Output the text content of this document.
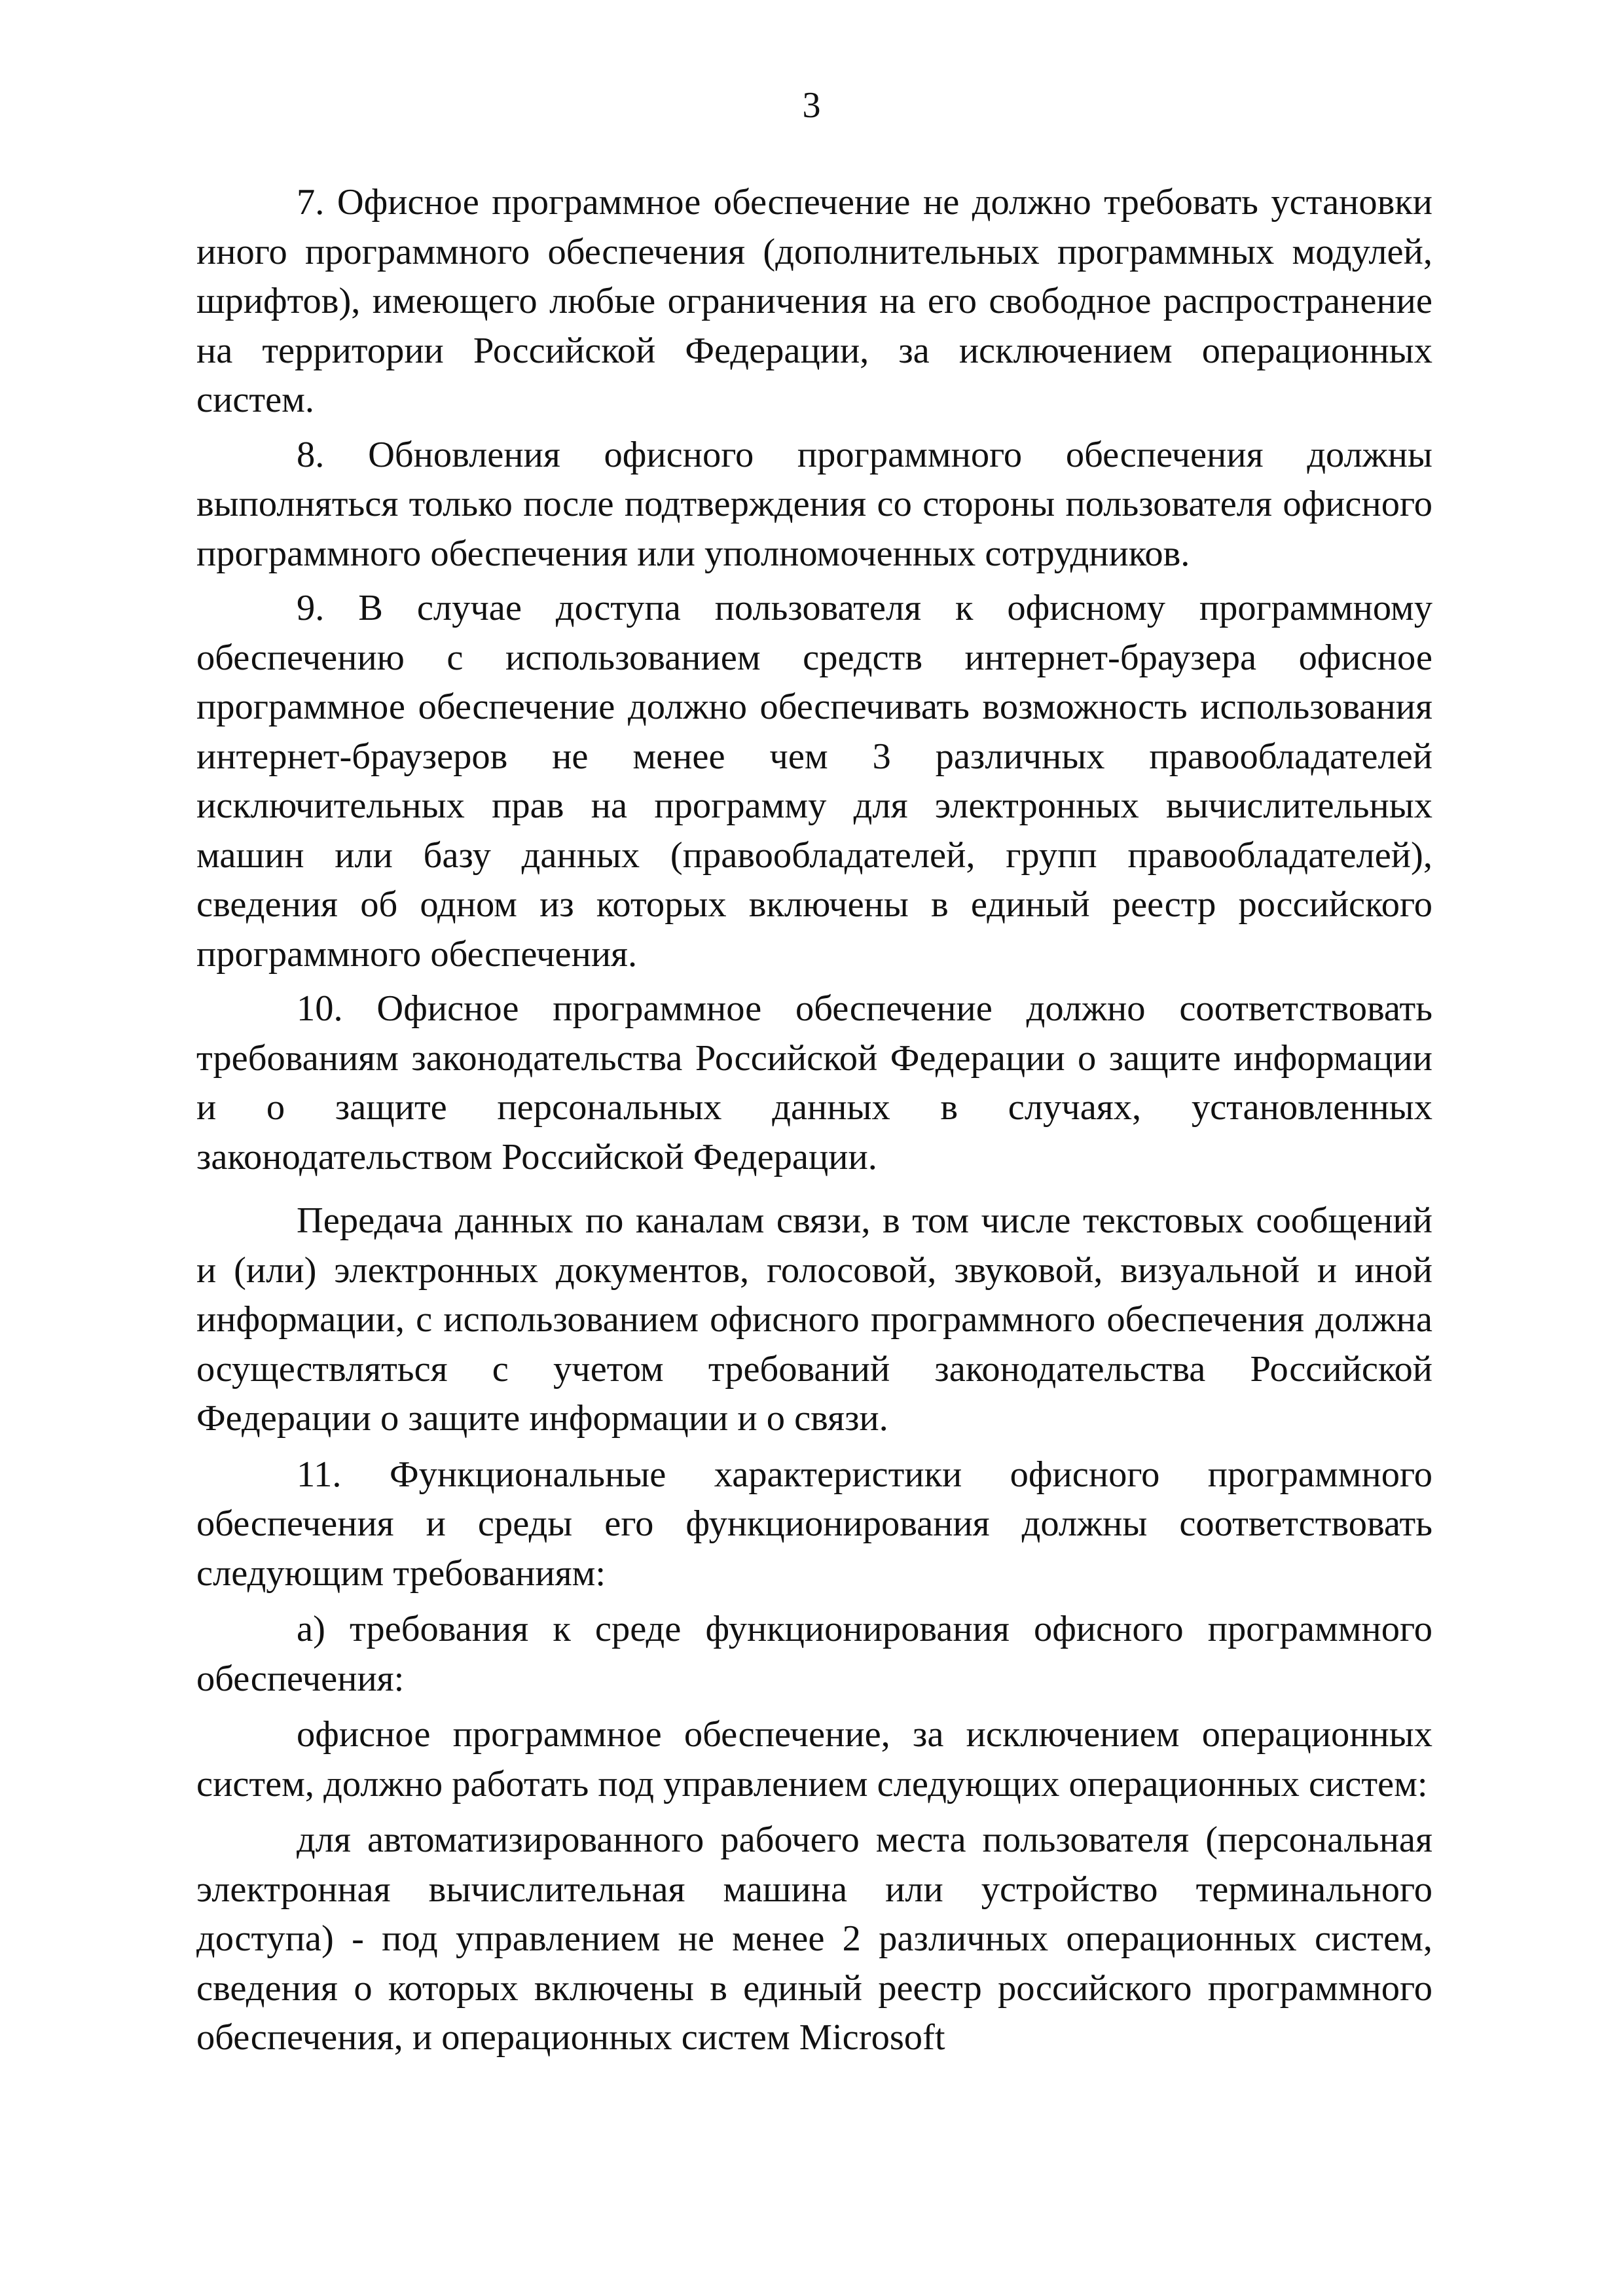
3

7. Офисное программное обеспечение не должно требовать установки иного программного обеспечения (дополнительных программных модулей, шрифтов), имеющего любые ограничения на его свободное распространение на территории Российской Федерации, за исключением операционных систем.

8. Обновления офисного программного обеспечения должны выполняться только после подтверждения со стороны пользователя офисного программного обеспечения или уполномоченных сотрудников.

9. В случае доступа пользователя к офисному программному обеспечению с использованием средств интернет-браузера офисное программное обеспечение должно обеспечивать возможность использования интернет-браузеров не менее чем 3 различных правообладателей исключительных прав на программу для электронных вычислительных машин или базу данных (правообладателей, групп правообладателей), сведения об одном из которых включены в единый реестр российского программного обеспечения.

10. Офисное программное обеспечение должно соответствовать требованиям законодательства Российской Федерации о защите информации и о защите персональных данных в случаях, установленных законодательством Российской Федерации.

Передача данных по каналам связи, в том числе текстовых сообщений и (или) электронных документов, голосовой, звуковой, визуальной и иной информации, с использованием офисного программного обеспечения должна осуществляться с учетом требований законодательства Российской Федерации о защите информации и о связи.

11. Функциональные характеристики офисного программного обеспечения и среды его функционирования должны соответствовать следующим требованиям:

а) требования к среде функционирования офисного программного обеспечения:

офисное программное обеспечение, за исключением операционных систем, должно работать под управлением следующих операционных систем:

для автоматизированного рабочего места пользователя (персональная электронная вычислительная машина или устройство терминального доступа) - под управлением не менее 2 различных операционных систем, сведения о которых включены в единый реестр российского программного обеспечения, и операционных систем Microsoft
